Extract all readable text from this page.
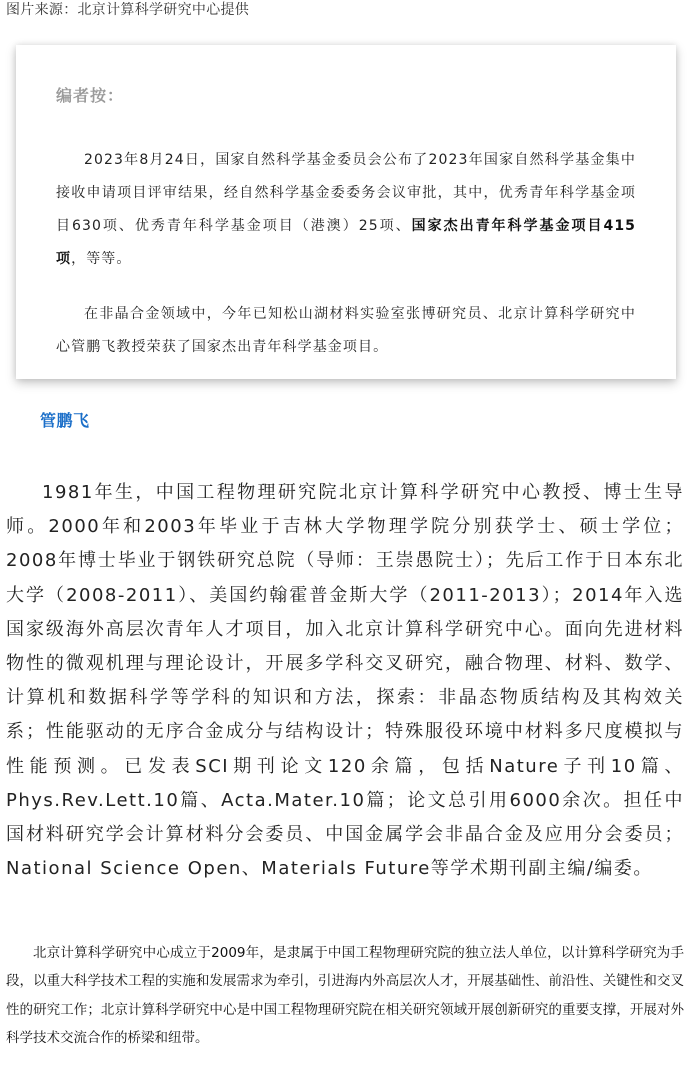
图片来源：北京计算科学研究中心提供
编者按：

2023年8月24日，国家自然科学基金委员会公布了2023年国家自然科学基金集中接收申请项目评审结果，经自然科学基金委委务会议审批，其中，优秀青年科学基金项目630项、优秀青年科学基金项目（港澳）25项、国家杰出青年科学基金项目415项，等等。

在非晶合金领域中，今年已知松山湖材料实验室张博研究员、北京计算科学研究中心管鹏飞教授荣获了国家杰出青年科学基金项目。

管鹏飞

1981年生，中国工程物理研究院北京计算科学研究中心教授、博士生导师。2000年和2003年毕业于吉林大学物理学院分别获学士、硕士学位；2008年博士毕业于钢铁研究总院（导师：王崇愚院士）；先后工作于日本东北大学（2008-2011）、美国约翰霍普金斯大学（2011-2013）；2014年入选国家级海外高层次青年人才项目，加入北京计算科学研究中心。面向先进材料物性的微观机理与理论设计，开展多学科交叉研究，融合物理、材料、数学、计算机和数据科学等学科的知识和方法，探索：非晶态物质结构及其构效关系；性能驱动的无序合金成分与结构设计；特殊服役环境中材料多尺度模拟与性能预测。已发表SCI期刊论文120余篇，包括Nature子刊10篇、Phys.Rev.Lett.10篇、Acta.Mater.10篇；论文总引用6000余次。担任中国材料研究学会计算材料分会委员、中国金属学会非晶合金及应用分会委员；National Science Open、Materials Future等学术期刊副主编/编委。

北京计算科学研究中心成立于2009年，是隶属于中国工程物理研究院的独立法人单位，以计算科学研究为手段，以重大科学技术工程的实施和发展需求为牵引，引进海内外高层次人才，开展基础性、前沿性、关键性和交叉性的研究工作；北京计算科学研究中心是中国工程物理研究院在相关研究领域开展创新研究的重要支撑，开展对外科学技术交流合作的桥梁和纽带。
